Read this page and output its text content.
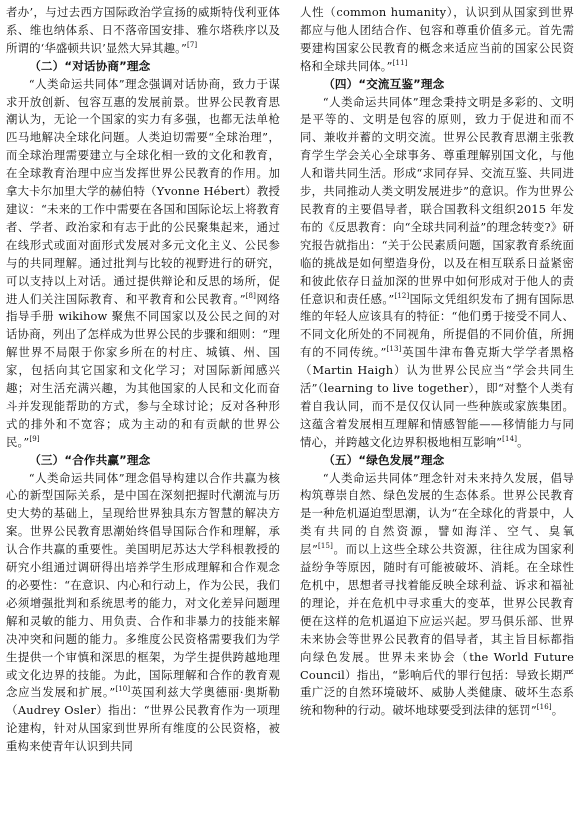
者办’，与过去西方国际政治学宣扬的威斯特伐利亚体系、维也纳体系、日不落帝国安排、雅尔塔秩序以及所谓的‘华盛顿共识’显然大异其趣。”[7]

（二）“对话协商”理念

“人类命运共同体”理念强调对话协商，致力于谋求开放创新、包容互惠的发展前景。世界公民教育思潮认为，无论一个国家的实力有多强，也都无法单枪匹马地解决全球化问题。人类迫切需要“全球治理”，而全球治理需要建立与全球化相一致的文化和教育，在全球教育治理中应当发挥世界公民教育的作用。加拿大卡尔加里大学的赫伯特（Yvonne Hébert）教授建议：“未来的工作中需要在各国和国际论坛上将教育者、学者、政治家和有志于此的公民聚集起来，通过在线形式或面对面形式发展对多元文化主义、公民参与的共同理解。通过批判与比较的视野进行的研究，可以支持以上对话。通过提供辩论和反思的场所，促进人们关注国际教育、和平教育和公民教育。”[8]网络指导手册 wikihow 聚焦不同国家以及公民之间的对话协商，列出了怎样成为世界公民的步骤和细则：“理解世界不局限于你家乡所在的村庄、城镇、州、国家，包括向其它国家和文化学习；对国际新闻感兴趣；对生活充满兴趣，为其他国家的人民和文化而奋斗并发现能帮助的方式，参与全球讨论；反对各种形式的排外和不宽容；成为主动的和有贡献的世界公民。”[9]

（三）“合作共赢”理念

“人类命运共同体”理念倡导构建以合作共赢为核心的新型国际关系，是中国在深刻把握时代潮流与历史大势的基础上，呈现给世界独具东方智慧的解决方案。世界公民教育思潮始终倡导国际合作和理解，承认合作共赢的重要性。美国明尼苏达大学科根教授的研究小组通过调研得出培养学生形成理解和合作观念的必要性：“在意识、内心和行动上，作为公民，我们必须增强批判和系统思考的能力，对文化差异问题理解和灵敏的能力、用负责、合作和非暴力的技能来解决冲突和问题的能力。多维度公民资格需要我们为学生提供一个审慎和深思的框架，为学生提供跨越地理或文化边界的技能。为此，国际理解和合作的教育观念应当发展和扩展。”[10]英国利兹大学奥德丽·奥斯勒（Audrey Osler）指出：“世界公民教育作为一项理论建构，针对从国家到世界所有维度的公民资格，被重构来使青年认识到共同

人性（common humanity），认识到从国家到世界都应与他人团结合作、包容和尊重价值多元。首先需要建构国家公民教育的概念来适应当前的国家公民资格和全球共同体。”[11]

（四）“交流互鉴”理念

“人类命运共同体”理念秉持文明是多彩的、文明是平等的、文明是包容的原则，致力于促进和而不同、兼收并蓄的文明交流。世界公民教育思潮主张教育学生学会关心全球事务、尊重理解别国文化，与他人和谐共同生活。形成“求同存异、交流互鉴、共同进步，共同推动人类文明发展进步”的意识。作为世界公民教育的主要倡导者，联合国教科文组织2015 年发布的《反思教育：向“全球共同利益”的理念转变?》研究报告就指出：“关于公民素质问题，国家教育系统面临的挑战是如何塑造身份，以及在相互联系日益紧密和彼此依存日益加深的世界中如何形成对于他人的责任意识和责任感。”[12]国际文凭组织发布了拥有国际思维的年轻人应该具有的特征：“他们勇于接受不同人、不同文化所处的不同视角，所提倡的不同价值，所拥有的不同传统。”[13]英国牛津布鲁克斯大学学者黑格（Martin Haigh）认为世界公民应当“学会共同生活”（learning to live together），即“对整个人类有着自我认同，而不是仅仅认同一些种族或家族集团。这蕴含着发展相互理解和情感智能——移情能力与同情心，并跨越文化边界积极地相互影响”[14]。

（五）“绿色发展”理念

“人类命运共同体”理念针对未来持久发展，倡导构筑尊崇自然、绿色发展的生态体系。世界公民教育是一种危机逼迫型思潮，认为“在全球化的背景中，人类有共同的自然资源，譬如海洋、空气、臭氧层”[15]。而以上这些全球公共资源，往往成为国家利益纷争等原因，随时有可能被破坏、消耗。在全球性危机中，思想者寻找着能反映全球利益、诉求和福祉的理论，并在危机中寻求重大的变革，世界公民教育便在这样的危机逼迫下应运兴起。罗马俱乐部、世界未来协会等世界公民教育的倡导者，其主旨目标都指向绿色发展。世界未来协会（the World Future Council）指出，“影响后代的罪行包括：导致长期严重广泛的自然环境破坏、威胁人类健康、破坏生态系统和物种的行动。破坏地球要受到法律的惩罚”[16]。
